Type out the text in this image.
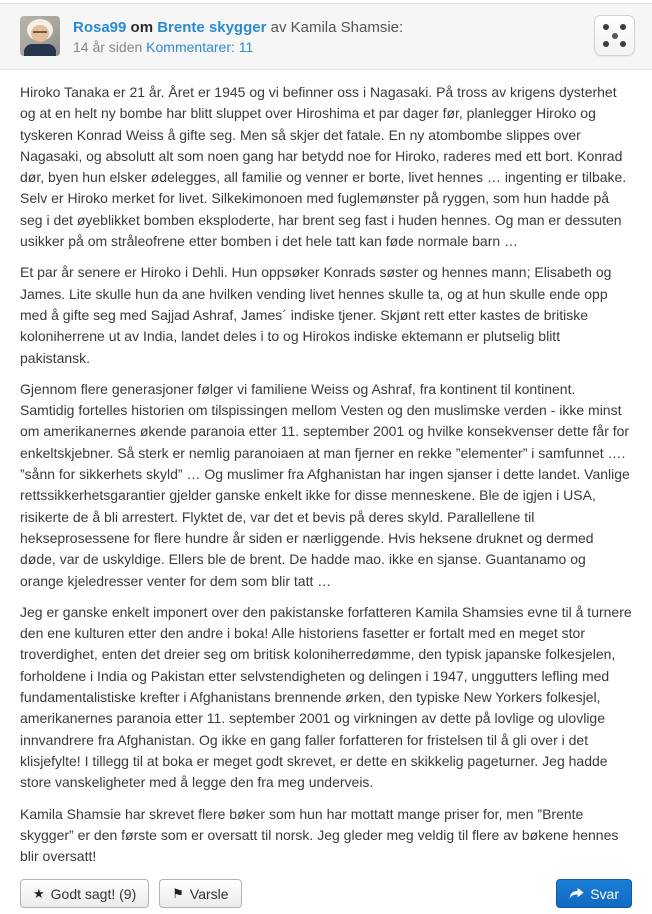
Rosa99 om Brente skygger av Kamila Shamsie:
14 år siden Kommentarer: 11

Hiroko Tanaka er 21 år. Året er 1945 og vi befinner oss i Nagasaki. På tross av krigens dysterhet og at en helt ny bombe har blitt sluppet over Hiroshima et par dager før, planlegger Hiroko og tyskeren Konrad Weiss å gifte seg. Men så skjer det fatale. En ny atombombe slippes over Nagasaki, og absolutt alt som noen gang har betydd noe for Hiroko, raderes med ett bort. Konrad dør, byen hun elsker ødelegges, all familie og venner er borte, livet hennes … ingenting er tilbake. Selv er Hiroko merket for livet. Silkekimonoen med fuglemønster på ryggen, som hun hadde på seg i det øyeblikket bomben eksploderte, har brent seg fast i huden hennes. Og man er dessuten usikker på om stråleofrene etter bomben i det hele tatt kan føde normale barn …

Et par år senere er Hiroko i Dehli. Hun oppsøker Konrads søster og hennes mann; Elisabeth og James. Lite skulle hun da ane hvilken vending livet hennes skulle ta, og at hun skulle ende opp med å gifte seg med Sajjad Ashraf, James´ indiske tjener. Skjønt rett etter kastes de britiske koloniherrene ut av India, landet deles i to og Hirokos indiske ektemann er plutselig blitt pakistansk.

Gjennom flere generasjoner følger vi familiene Weiss og Ashraf, fra kontinent til kontinent. Samtidig fortelles historien om tilspissingen mellom Vesten og den muslimske verden - ikke minst om amerikanernes økende paranoia etter 11. september 2001 og hvilke konsekvenser dette får for enkeltskjebner. Så sterk er nemlig paranoiaen at man fjerner en rekke ”elementer” i samfunnet …. ”sånn for sikkerhets skyld” … Og muslimer fra Afghanistan har ingen sjanser i dette landet. Vanlige rettssikkerhetsgarantier gjelder ganske enkelt ikke for disse menneskene. Ble de igjen i USA, risikerte de å bli arrestert. Flyktet de, var det et bevis på deres skyld. Parallellene til hekseprosessene for flere hundre år siden er nærliggende. Hvis heksene druknet og dermed døde, var de uskyldige. Ellers ble de brent. De hadde mao. ikke en sjanse. Guantanamo og orange kjeledresser venter for dem som blir tatt …

Jeg er ganske enkelt imponert over den pakistanske forfatteren Kamila Shamsies evne til å turnere den ene kulturen etter den andre i boka! Alle historiens fasetter er fortalt med en meget stor troverdighet, enten det dreier seg om britisk koloniherredømme, den typisk japanske folkesjelen, forholdene i India og Pakistan etter selvstendigheten og delingen i 1947, unggutters lefling med fundamentalistiske krefter i Afghanistans brennende ørken, den typiske New Yorkers folkesjel, amerikanernes paranoia etter 11. september 2001 og virkningen av dette på lovlige og ulovlige innvandrere fra Afghanistan. Og ikke en gang faller forfatteren for fristelsen til å gli over i det klisjefylte! I tillegg til at boka er meget godt skrevet, er dette en skikkelig pageturner. Jeg hadde store vanskeligheter med å legge den fra meg underveis.

Kamila Shamsie har skrevet flere bøker som hun har mottatt mange priser for, men ”Brente skygger” er den første som er oversatt til norsk. Jeg gleder meg veldig til flere av bøkene hennes blir oversatt!

★ Godt sagt! (9)	⚑ Varsle	Svar
